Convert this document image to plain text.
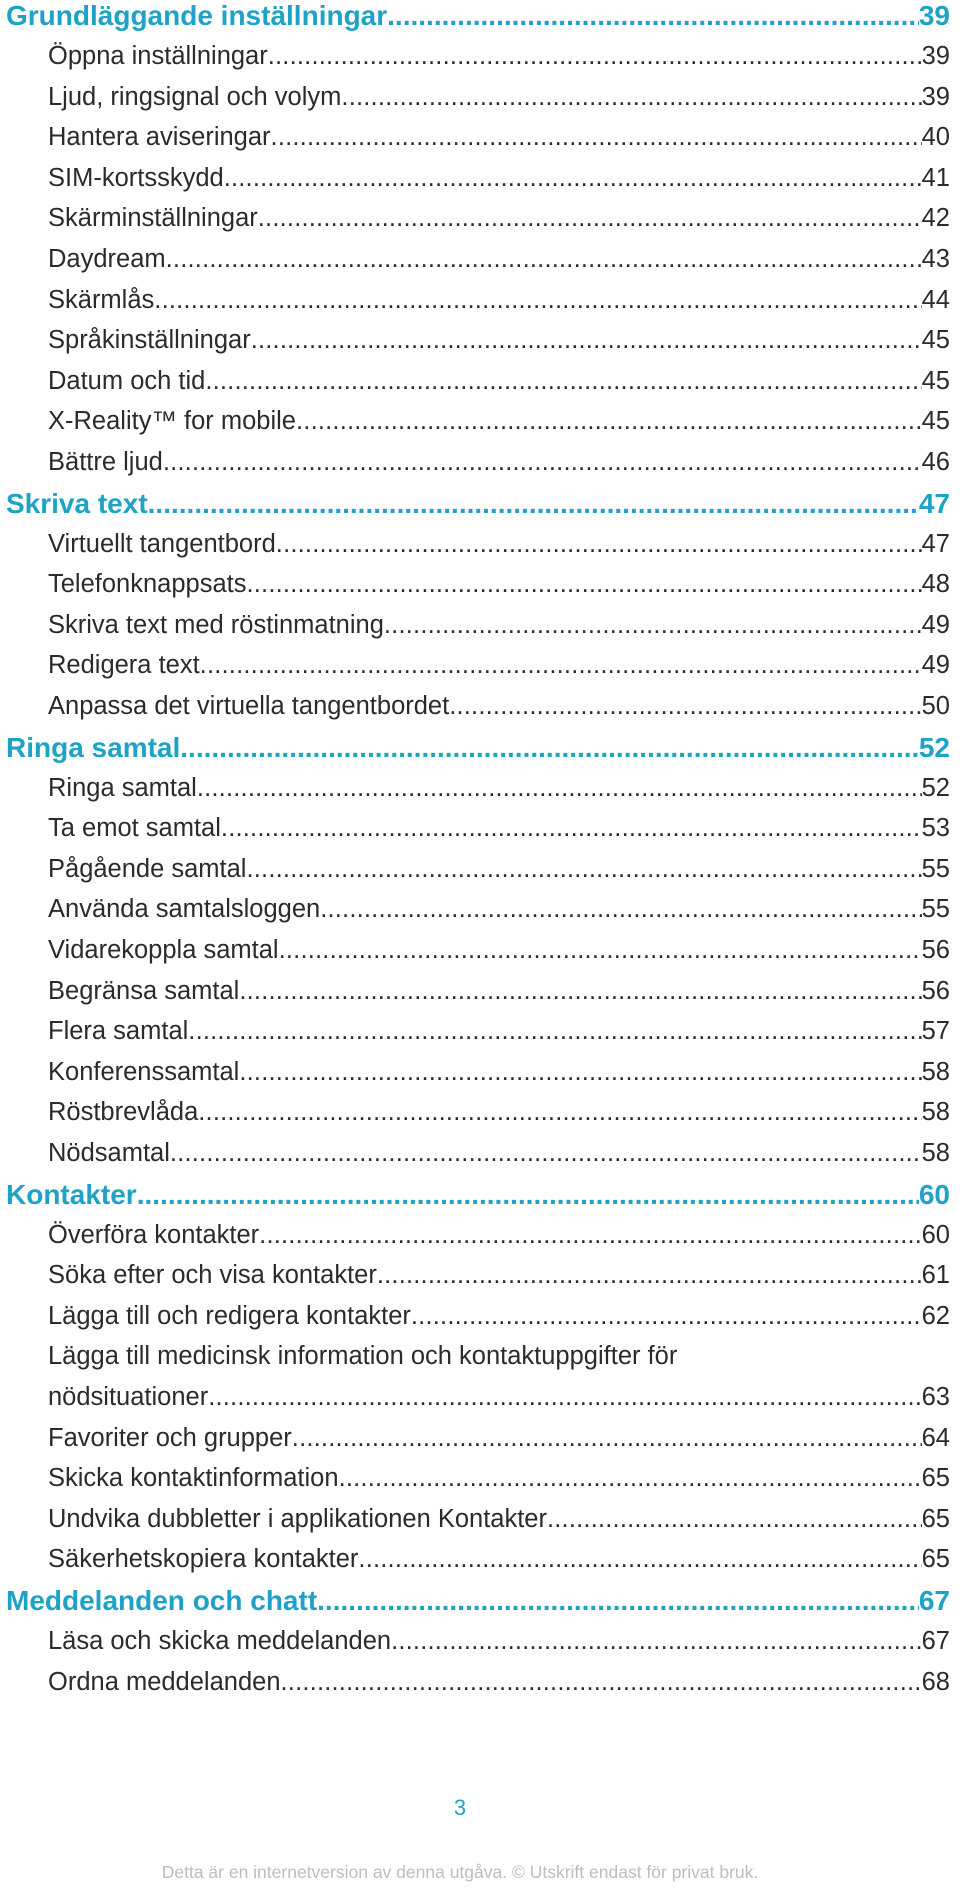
Grundläggande inställningar .....	39
Öppna inställningar .....	39
Ljud, ringsignal och volym .....	39
Hantera aviseringar .....	40
SIM-kortsskydd .....	41
Skärminställningar .....	42
Daydream .....	43
Skärmlås .....	44
Språkinställningar .....	45
Datum och tid .....	45
X-Reality™ for mobile .....	45
Bättre ljud .....	46
Skriva text .....	47
Virtuellt tangentbord .....	47
Telefonknappsats .....	48
Skriva text med röstinmatning .....	49
Redigera text .....	49
Anpassa det virtuella tangentbordet .....	50
Ringa samtal .....	52
Ringa samtal .....	52
Ta emot samtal .....	53
Pågående samtal .....	55
Använda samtalsloggen .....	55
Vidarekoppla samtal .....	56
Begränsa samtal .....	56
Flera samtal .....	57
Konferenssamtal .....	58
Röstbrevlåda .....	58
Nödsamtal .....	58
Kontakter .....	60
Överföra kontakter .....	60
Söka efter och visa kontakter .....	61
Lägga till och redigera kontakter .....	62
Lägga till medicinsk information och kontaktuppgifter för
nödsituationer .....	63
Favoriter och grupper .....	64
Skicka kontaktinformation .....	65
Undvika dubbletter i applikationen Kontakter .....	65
Säkerhetskopiera kontakter .....	65
Meddelanden och chatt .....	67
Läsa och skicka meddelanden .....	67
Ordna meddelanden .....	68
3
Detta är en internetversion av denna utgåva. © Utskrift endast för privat bruk.
